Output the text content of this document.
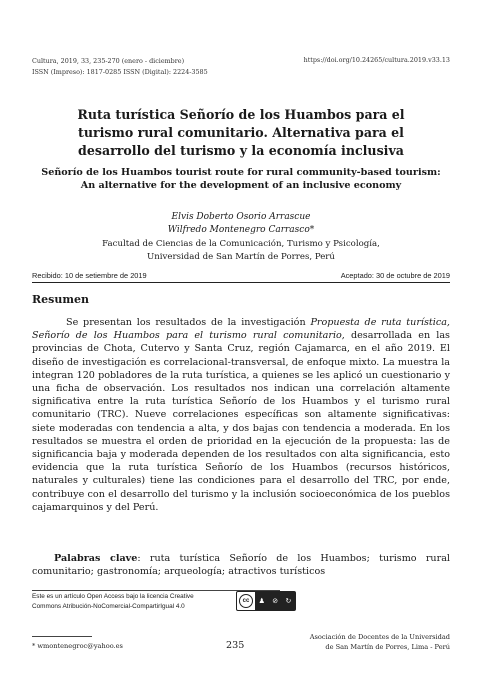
Cultura, 2019, 33, 235-270 (enero - diciembre)
ISSN (Impreso): 1817-0285 ISSN (Digital): 2224-3585
https://doi.org/10.24265/cultura.2019.v33.13
Ruta turística Señorío de los Huambos para el
turismo rural comunitario. Alternativa para el
desarrollo del turismo y la economía inclusiva
Señorío de los Huambos tourist route for rural community-based tourism:
An alternative for the development of an inclusive economy
Elvis Doberto Osorio Arrascue
Wilfredo Montenegro Carrasco*
Facultad de Ciencias de la Comunicación, Turismo y Psicología,
Universidad de San Martín de Porres, Perú
Recibido: 10 de setiembre de 2019	Aceptado: 30 de octubre de 2019
Resumen

Se presentan los resultados de la investigación Propuesta de ruta turística, Señorío de los Huambos para el turismo rural comunitario, desarrollada en las provincias de Chota, Cutervo y Santa Cruz, región Cajamarca, en el año 2019. El diseño de investigación es correlacional-transversal, de enfoque mixto. La muestra la integran 120 pobladores de la ruta turística, a quienes se les aplicó un cuestionario y una ficha de observación. Los resultados nos indican una correlación altamente significativa entre la ruta turística Señorío de los Huambos y el turismo rural comunitario (TRC). Nueve correlaciones específicas son altamente significativas: siete moderadas con tendencia a alta, y dos bajas con tendencia a moderada. En los resultados se muestra el orden de prioridad en la ejecución de la propuesta: las de significancia baja y moderada dependen de los resultados con alta significancia, esto evidencia que la ruta turística Señorío de los Huambos (recursos históricos, naturales y culturales) tiene las condiciones para el desarrollo del TRC, por ende, contribuye con el desarrollo del turismo y la inclusión socioeconómica de los pueblos cajamarquinos y del Perú.

Palabras clave: ruta turística Señorío de los Huambos; turismo rural comunitario; gastronomía; arqueología; atractivos turísticos

Este es un artículo Open Access bajo la licencia Creative
Commons Atribución-NoComercial-CompartirIgual 4.0
cc	♟ ⊘ ↻
* wmontenegroc@yahoo.es	235
Asociación de Docentes de la Universidad
de San Martín de Porres, Lima - Perú
